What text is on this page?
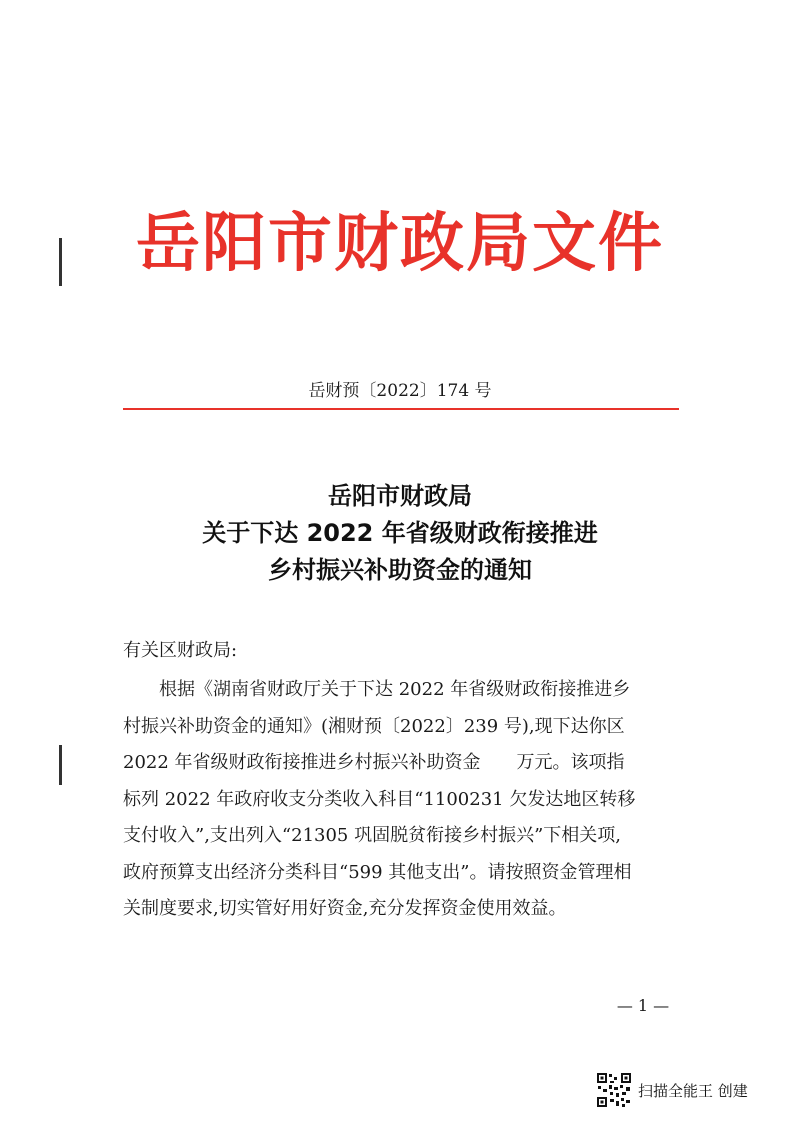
岳阳市财政局文件
岳财预〔2022〕174 号
岳阳市财政局
关于下达 2022 年省级财政衔接推进
乡村振兴补助资金的通知
有关区财政局:
根据《湖南省财政厅关于下达 2022 年省级财政衔接推进乡
村振兴补助资金的通知》(湘财预〔2022〕239 号),现下达你区
2022 年省级财政衔接推进乡村振兴补助资金　　万元。该项指
标列 2022 年政府收支分类收入科目“1100231 欠发达地区转移
支付收入”,支出列入“21305 巩固脱贫衔接乡村振兴”下相关项,
政府预算支出经济分类科目“599 其他支出”。请按照资金管理相
关制度要求,切实管好用好资金,充分发挥资金使用效益。
— 1 —
扫描全能王 创建
